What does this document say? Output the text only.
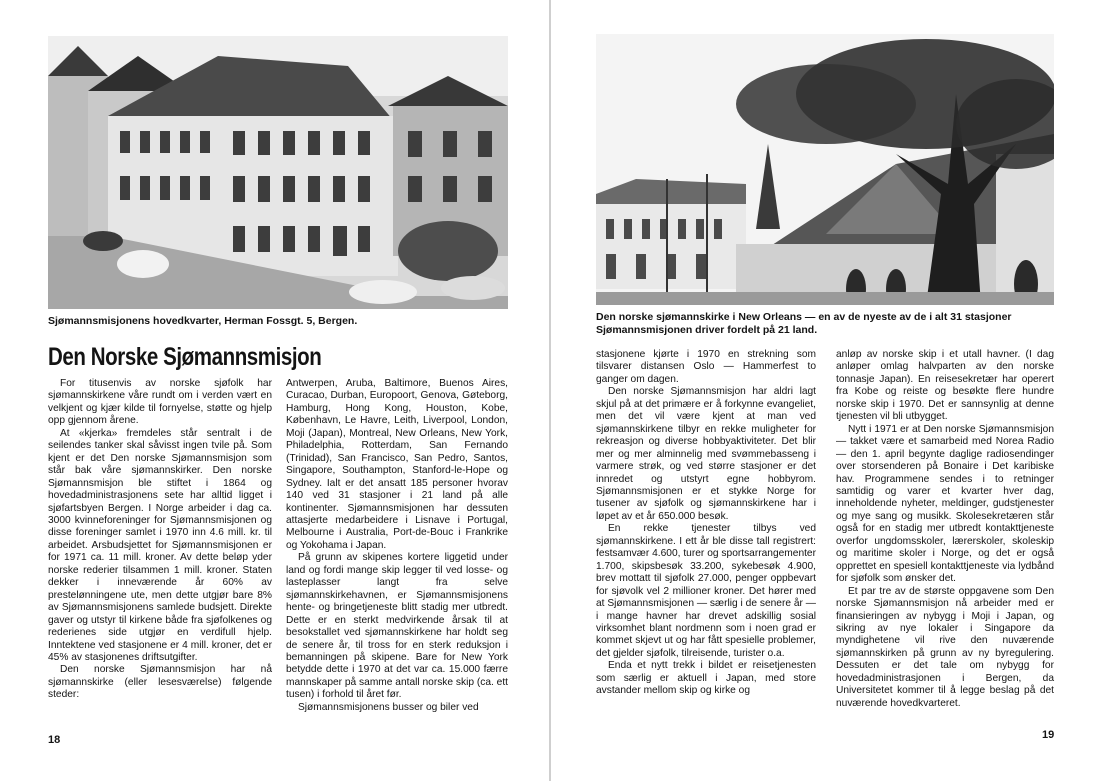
Sjømannsmisjonens hovedkvarter, Herman Fossgt. 5, Bergen.
Den Norske Sjømannsmisjon

For titusenvis av norske sjøfolk har sjømannskirkene våre rundt om i verden vært en velkjent og kjær kilde til fornyelse, støtte og hjelp opp gjennom årene.

At «kjerka» fremdeles står sentralt i de seilendes tanker skal såvisst ingen tvile på. Som kjent er det Den norske Sjømannsmisjon som står bak våre sjømannskirker. Den norske Sjømannsmisjon ble stiftet i 1864 og hovedadministrasjonens sete har alltid ligget i sjøfartsbyen Bergen. I Norge arbeider i dag ca. 3000 kvinneforeninger for Sjømannsmisjonen og disse foreninger samlet i 1970 inn 4.6 mill. kr. til arbeidet. Arsbudsjettet for Sjømannsmisjonen er for 1971 ca. 11 mill. kroner. Av dette beløp yder norske rederier tilsammen 1 mill. kroner. Staten dekker i inneværende år 60% av prestelønningene ute, men dette utgjør bare 8% av Sjømannsmisjonens samlede budsjett. Direkte gaver og utstyr til kirkene både fra sjøfolkenes og rederienes side utgjør en verdifull hjelp. Inntektene ved stasjonene er 4 mill. kroner, det er 45% av stasjonenes driftsutgifter.

Den norske Sjømannsmisjon har nå sjømannskirke (eller lesesværelse) følgende steder:

Antwerpen, Aruba, Baltimore, Buenos Aires, Curacao, Durban, Europoort, Genova, Gøteborg, Hamburg, Hong Kong, Houston, Kobe, København, Le Havre, Leith, Liverpool, London, Moji (Japan), Montreal, New Orleans, New York, Philadelphia, Rotterdam, San Fernando (Trinidad), San Francisco, San Pedro, Santos, Singapore, Southampton, Stanford-le-Hope og Sydney. Ialt er det ansatt 185 personer hvorav 140 ved 31 stasjoner i 21 land på alle kontinenter. Sjømannsmisjonen har dessuten attasjerte medarbeidere i Lisnave i Portugal, Melbourne i Australia, Port-de-Bouc i Frankrike og Yokohama i Japan.

På grunn av skipenes kortere liggetid under land og fordi mange skip legger til ved losse- og lasteplasser langt fra selve sjømannskirkehavnen, er Sjømannsmisjonens hente- og bringetjeneste blitt stadig mer utbredt. Dette er en sterkt medvirkende årsak til at besokstallet ved sjømannskirkene har holdt seg de senere år, til tross for en sterk reduksjon i bemanningen på skipene. Bare for New York betydde dette i 1970 at det var ca. 15.000 færre mannskaper på samme antall norske skip (ca. ett tusen) i forhold til året før.

Sjømannsmisjonens busser og biler ved

18
Den norske sjømannskirke i New Orleans — en av de nyeste av de i alt 31 stasjoner Sjømannsmisjonen driver fordelt på 21 land.

stasjonene kjørte i 1970 en strekning som tilsvarer distansen Oslo — Hammerfest to ganger om dagen.

Den norske Sjømannsmisjon har aldri lagt skjul på at det primære er å forkynne evangeliet, men det vil være kjent at man ved sjømannskirkene tilbyr en rekke muligheter for rekreasjon og diverse hobbyaktiviteter. Det blir mer og mer alminnelig med svømmebasseng i varmere strøk, og ved større stasjoner er det innredet og utstyrt egne hobbyrom. Sjømannsmisjonen er et stykke Norge for tusener av sjøfolk og sjømannskirkene har i løpet av et år 650.000 besøk.

En rekke tjenester tilbys ved sjømannskirkene. I ett år ble disse tall registrert: festsamvær 4.600, turer og sportsarrangementer 1.700, skipsbesøk 33.200, sykebesøk 4.900, brev mottatt til sjøfolk 27.000, penger oppbevart for sjøvolk vel 2 millioner kroner. Det hører med at Sjømannsmisjonen — særlig i de senere år — i mange havner har drevet adskillig sosial virksomhet blant nordmenn som i noen grad er kommet skjevt ut og har fått spesielle problemer, det gjelder sjøfolk, tilreisende, turister o.a.

Enda et nytt trekk i bildet er reisetjenesten som særlig er aktuell i Japan, med store avstander mellom skip og kirke og

anløp av norske skip i et utall havner. (I dag anløper omlag halvparten av den norske tonnasje Japan). En reisesekretær har operert fra Kobe og reiste og besøkte flere hundre norske skip i 1970. Det er sannsynlig at denne tjenesten vil bli utbygget.

Nytt i 1971 er at Den norske Sjømannsmisjon — takket være et samarbeid med Norea Radio — den 1. april begynte daglige radiosendinger over storsenderen på Bonaire i Det karibiske hav. Programmene sendes i to retninger samtidig og varer et kvarter hver dag, inneholdende nyheter, meldinger, gudstjenester og mye sang og musikk. Skolesekretæren står også for en stadig mer utbredt kontakttjeneste overfor ungdomsskoler, lærerskoler, skoleskip og maritime skoler i Norge, og det er også opprettet en spesiell kontakttjeneste via lydbånd for sjøfolk som ønsker det.

Et par tre av de største oppgavene som Den norske Sjømannsmisjon nå arbeider med er finansieringen av nybygg i Moji i Japan, og sikring av nye lokaler i Singapore da myndighetene vil rive den nuværende sjømannskirken på grunn av ny byregulering. Dessuten er det tale om nybygg for hovedadministrasjonen i Bergen, da Universitetet kommer til å legge beslag på det nuværende hovedkvarteret.

19
